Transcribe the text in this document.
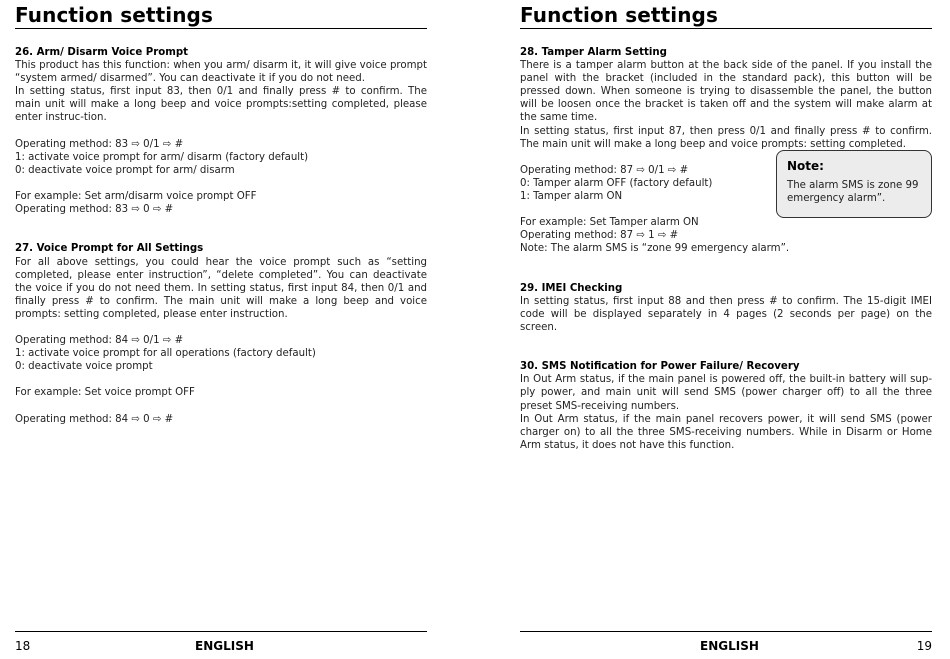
Function settings
26. Arm/ Disarm Voice Prompt
This product has this function: when you arm/ disarm it, it will give voice prompt “system armed/ disarmed”. You can deactivate it if you do not need.
In setting status, first input 83, then 0/1 and finally press # to confirm. The main unit will make a long beep and voice prompts:setting completed, please enter instruc-tion.
Operating method: 83 ⇨ 0/1 ⇨ #
1: activate voice prompt for arm/ disarm (factory default)
0: deactivate voice prompt for arm/ disarm
For example: Set arm/disarm voice prompt OFF
Operating method: 83 ⇨ 0 ⇨ #
27. Voice Prompt for All Settings
For all above settings, you could hear the voice prompt such as “setting completed, please enter instruction”, “delete completed”. You can deactivate the voice if you do not need them. In setting status, first input 84, then 0/1 and finally press # to confirm. The main unit will make a long beep and voice prompts: setting completed, please enter instruction.
Operating method: 84 ⇨ 0/1 ⇨ #
1: activate voice prompt for all operations (factory default)
0: deactivate voice prompt
For example: Set voice prompt OFF
Operating method: 84 ⇨ 0 ⇨ #
18	ENGLISH
Function settings
28. Tamper Alarm Setting
There is a tamper alarm button at the back side of the panel. If you install the panel with the bracket (included in the standard pack), this button will be pressed down. When someone is trying to disassemble the panel, the button will be loosen once the bracket is taken off and the system will make alarm at the same time.
In setting status, first input 87, then press 0/1 and finally press # to confirm. The main unit will make a long beep and voice prompts: setting completed.
Operating method: 87 ⇨ 0/1 ⇨ #
0: Tamper alarm OFF (factory default)
1: Tamper alarm ON
For example: Set Tamper alarm ON
Operating method: 87 ⇨ 1 ⇨ #
Note: The alarm SMS is “zone 99 emergency alarm”.
29. IMEI Checking
In setting status, first input 88 and then press # to confirm. The 15-digit IMEI code will be displayed separately in 4 pages (2 seconds per page) on the screen.
30. SMS Notification for Power Failure/ Recovery
In Out Arm status, if the main panel is powered off, the built-in battery will sup-ply power, and main unit will send SMS (power charger off) to all the three preset SMS-receiving numbers.
In Out Arm status, if the main panel recovers power, it will send SMS (power charger on) to all the three SMS-receiving numbers. While in Disarm or Home Arm status, it does not have this function.
Note:
The alarm SMS is zone 99 emergency alarm”.
ENGLISH	19
